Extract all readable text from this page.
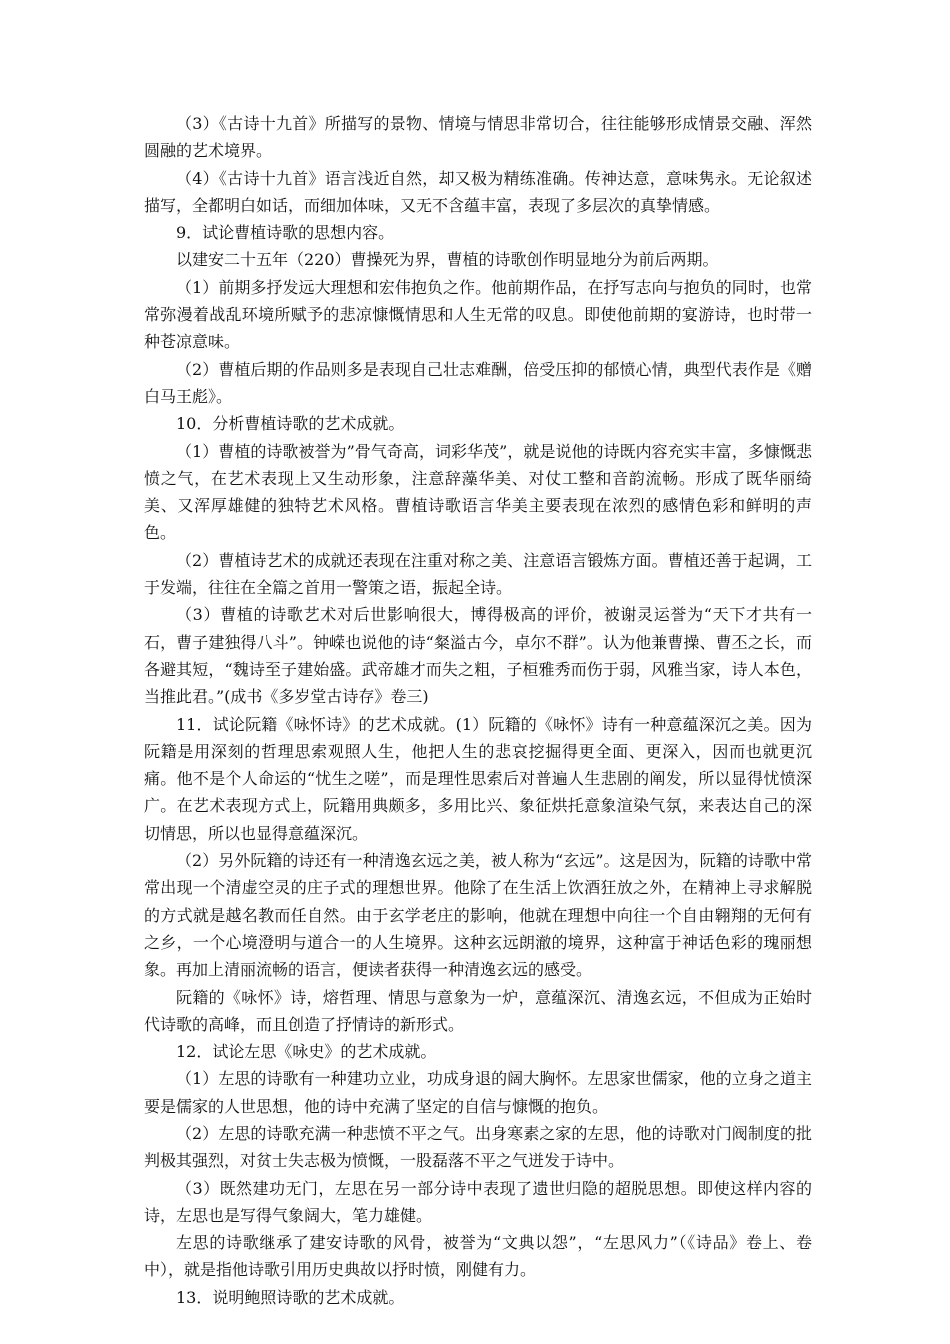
（3）《古诗十九首》所描写的景物、情境与情思非常切合，往往能够形成情景交融、浑然圆融的艺术境界。

（4）《古诗十九首》语言浅近自然，却又极为精练准确。传神达意，意味隽永。无论叙述描写，全都明白如话，而细加体味，又无不含蕴丰富，表现了多层次的真挚情感。

9．试论曹植诗歌的思想内容。

以建安二十五年（220）曹操死为界，曹植的诗歌创作明显地分为前后两期。

（1）前期多抒发远大理想和宏伟抱负之作。他前期作品，在抒写志向与抱负的同时，也常常弥漫着战乱环境所赋予的悲凉慷慨情思和人生无常的叹息。即使他前期的宴游诗，也时带一种苍凉意味。

（2）曹植后期的作品则多是表现自己壮志难酬，倍受压抑的郁愤心情，典型代表作是《赠白马王彪》。

10．分析曹植诗歌的艺术成就。

（1）曹植的诗歌被誉为”骨气奇高，词彩华茂”，就是说他的诗既内容充实丰富，多慷慨悲愤之气，在艺术表现上又生动形象，注意辞藻华美、对仗工整和音韵流畅。形成了既华丽绮美、又浑厚雄健的独特艺术风格。曹植诗歌语言华美主要表现在浓烈的感情色彩和鲜明的声色。

（2）曹植诗艺术的成就还表现在注重对称之美、注意语言锻炼方面。曹植还善于起调，工于发端，往往在全篇之首用一警策之语，振起全诗。

（3）曹植的诗歌艺术对后世影响很大，博得极高的评价，被谢灵运誉为“天下才共有一石，曹子建独得八斗”。钟嵘也说他的诗“粲溢古今，卓尔不群”。认为他兼曹操、曹丕之长，而各避其短，“魏诗至子建始盛。武帝雄才而失之粗，子桓雅秀而伤于弱，风雅当家，诗人本色，当推此君。”(成书《多岁堂古诗存》卷三)

11．试论阮籍《咏怀诗》的艺术成就。(1）阮籍的《咏怀》诗有一种意蕴深沉之美。因为阮籍是用深刻的哲理思索观照人生，他把人生的悲哀挖掘得更全面、更深入，因而也就更沉痛。他不是个人命运的“忧生之嗟”，而是理性思索后对普遍人生悲剧的阐发，所以显得忧愤深广。在艺术表现方式上，阮籍用典颇多，多用比兴、象征烘托意象渲染气氛，来表达自己的深切情思，所以也显得意蕴深沉。

（2）另外阮籍的诗还有一种清逸玄远之美，被人称为“玄远”。这是因为，阮籍的诗歌中常常出现一个清虚空灵的庄子式的理想世界。他除了在生活上饮酒狂放之外，在精神上寻求解脱的方式就是越名教而任自然。由于玄学老庄的影响，他就在理想中向往一个自由翱翔的无何有之乡，一个心境澄明与道合一的人生境界。这种玄远朗澈的境界，这种富于神话色彩的瑰丽想象。再加上清丽流畅的语言，便读者获得一种清逸玄远的感受。

阮籍的《咏怀》诗，熔哲理、情思与意象为一炉，意蕴深沉、清逸玄远，不但成为正始时代诗歌的高峰，而且创造了抒情诗的新形式。

12．试论左思《咏史》的艺术成就。

（1）左思的诗歌有一种建功立业，功成身退的阔大胸怀。左思家世儒家，他的立身之道主要是儒家的人世思想，他的诗中充满了坚定的自信与慷慨的抱负。

（2）左思的诗歌充满一种悲愤不平之气。出身寒素之家的左思，他的诗歌对门阀制度的批判极其强烈，对贫士失志极为愤慨，一股磊落不平之气迸发于诗中。

（3）既然建功无门，左思在另一部分诗中表现了遗世归隐的超脱思想。即使这样内容的诗，左思也是写得气象阔大，笔力雄健。

左思的诗歌继承了建安诗歌的风骨，被誉为“文典以怨”，“左思风力”（《诗品》卷上、卷中），就是指他诗歌引用历史典故以抒时愤，刚健有力。

13．说明鲍照诗歌的艺术成就。
